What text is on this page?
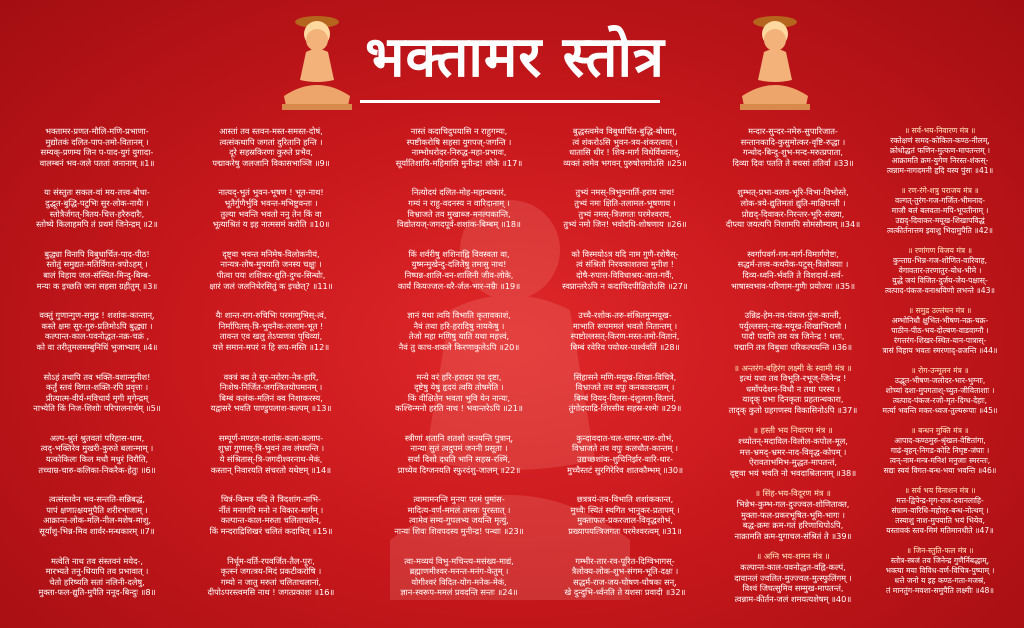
भक्तामर स्तोत्र
भक्तामर-प्रणत-मौलि-मणि-प्रभाणा-
मुद्योतकं दलित-पाप-तमो-वितानम् ।
सम्यक्-प्रणम्य जिन प-पाद-युगं युगादा-
वालम्बनं भव-जले पततां जनानाम् ॥1॥
यः संस्तुतः सकल-वां मय-तत्त्व-बोधा-
दुद्भूत-बुद्धि-पटुभिः सुर-लोक-नाथैः ।
स्तोत्रैर्जगत्-त्रितय-चित्त-हरैरुदारैः,
स्तोष्ये किलाहमपि तं प्रथमं जिनेन्द्रम् ॥2॥
बुद्ध्या विनापि विबुधार्चित-पाद-पीठ!
स्तोतुं समुद्यत-मतिर्विगत-त्रपोऽहम् ।
बालं विहाय जल-संस्थित-मिन्दु-बिम्ब-
मन्यः क इच्छति जनः सहसा ग्रहीतुम् ॥3॥
वक्तुं गुणान्गुण-समुद्र ! शशांक-कान्तान्,
कस्ते क्षमः सुर-गुरु-प्रतिमोऽपि बुद्ध्या ।
कल्पान्त-काल-पवनोद्धत-नक्र-चक्रं ,
को वा तरीतुमलमम्बुनिधिं भुजाभ्याम् ॥4॥
सोऽहं तथापि तव भक्ति-वशान्मुनीश!
कर्तुं स्तवं विगत-शक्ति-रपि प्रवृत्तः ।
प्रीत्यात्म-वीर्य-मविचार्य मृगी मृगेन्द्रम्
नाभ्येति किं निज-शिशोः परिपालनार्थम् ॥5॥
अल्प-श्रुतं श्रुतवतां परिहास-धाम,
त्वद्-भक्तिरेव मुखरी-कुरुते बलान्माम् ।
यत्कोकिलः किल मधौ मधुरं विरौति,
तच्चाम्र-चारु-कलिका-निकरैक-हेतुः ॥6॥
त्वत्संस्तवेन भव-सन्तति-सन्निबद्धं,
पापं क्षणात्क्षयमुपैति शरीरभाजाम् ।
आक्रान्त-लोक-मलि-नील-मशेष-माशु,
सूर्यांशु-भिन्न-मिव शार्वर-मन्धकारम् ॥7॥
मत्वेति नाथ तव संस्तवनं मयेद-,
मारभ्यते तनु-धियापि तव प्रभावात् ।
चेतो हरिष्यति सतां नलिनी-दलेषु,
मुक्ता-फल-द्युति-मुपैति ननूद-बिन्दुः ॥8॥
आस्तां तव स्तवन-मस्त-समस्त-दोषं,
त्वत्संकथापि जगतां दुरितानि हन्ति ।
दूरे सहस्रकिरणः कुरुते प्रभैव,
पद्माकरेषु जलजानि विकासभाञ्जि ॥9॥
नात्यद्-भुतं भुवन-भूषण ! भूत-नाथ!
भूतैर्गुणैर्भुवि भवन्त-मभिष्टुवन्तः ।
तुल्या भवन्ति भवतो ननु तेन किं वा
भूत्याश्रितं य इह नात्मसमं करोति ॥10॥
दृष्ट्वा भवन्त मनिमेष-विलोकनीयं,
नान्यत्र-तोष-मुपयाति जनस्य चक्षुः ।
पीत्वा पयः शशिकर-द्युति-दुग्ध-सिन्धोः,
क्षारं जलं जलनिधेरसितुं क इच्छेत्? ॥11॥
यैः शान्त-राग-रुचिभिः परमाणुभिस्-त्वं,
निर्मापितस्-त्रि-भुवनैक-ललाम-भूत !
तावन्त एव खलु तेऽप्यणवः पृथिव्यां,
यत्ते समान-मपरं न हि रूप-मस्ति ॥12॥
वक्त्रं क्व ते सुर-नरोरग-नेत्र-हारि,
निःशेष-निर्जित-जगत्त्रितयोपमानम् ।
बिम्बं कलंक-मलिनं क्व निशाकरस्य,
यद्वासरे भवति पाण्डुपलाश-कल्पम् ॥13॥
सम्पूर्ण-मण्डल-शशांक-कला-कलाप-
शुभ्रा गुणास्-त्रि-भुवनं तव लंघयन्ति ।
ये संश्रितास्-त्रि-जगदीश्वरनाथ-मेकं,
कस्तान् निवारयति संचरतो यथेष्टम् ॥14॥
चित्रं-किमत्र यदि ते त्रिदशांग-नाभि-
र्नीतं मनागपि मनो न विकार-मार्गम् ।
कल्पान्त-काल-मरुता चलिताचलेन,
किं मन्दराद्रिशिखरं चलितं कदाचित् ॥15॥
निर्धूम-वर्ति-रपवर्जित-तैल-पूरः,
कृत्स्नं जगत्त्रय-मिदं प्रकटीकरोषि ।
गम्यो न जातु मरुतां चलिताचलानां,
दीपोऽपरस्त्वमसि नाथ ! जगत्प्रकाशः ॥16॥
नास्तं कदाचिदुपयासि न राहुगम्यः,
स्पष्टीकरोषि सहसा युगपज्-जगन्ति ।
नाम्भोधरोदर-निरुद्ध-महा-प्रभावः,
सूर्यातिशायि-महिमासि मुनीन्द्र! लोके ॥17॥
नित्योदयं दलित-मोह-महान्धकारं,
गम्यं न राहु-वदनस्य न वारिदानाम् ।
विभ्राजते तव मुखाब्ज-मनल्पकान्ति,
विद्योतयज्-जगदपूर्व-शशांक-बिम्बम् ॥18॥
किं शर्वरीषु शशिनाह्नि विवस्वता वा,
युष्मन्मुखेन्दु-दलितेषु तमःसु नाथ!
निष्पन्न-शालि-वन-शालिनी जीव-लोके,
कार्यं कियज्जल-धरै-र्जल-भार-नम्रैः ॥19॥
ज्ञानं यथा त्वयि विभाति कृतावकाशं,
नैवं तथा हरि-हरादिषु नायकेषु ।
तेजो महा मणिषु याति यथा महत्त्वं,
नैवं तु काच-शकले किरणाकुलेऽपि ॥20॥
मन्ये वरं हरि-हरादय एव दृष्टा,
दृष्टेषु येषु हृदयं त्वयि तोषमेति ।
किं वीक्षितेन भवता भुवि येन नान्यः,
कश्चिन्मनो हरति नाथ ! भवान्तरेऽपि ॥21॥
स्त्रीणां शतानि शतशो जनयन्ति पुत्रान्,
नान्या सुतं त्वदुपमं जननी प्रसूता ।
सर्वा दिशो दधति भानि सहस्र-रश्मिं,
प्राच्येव दिग्जनयति स्फुरदंशु-जालम् ॥22॥
त्वामामनन्ति मुनयः परमं पुमांस-
मादित्य-वर्ण-ममलं तमसः पुरस्तात् ।
त्वामेव सम्य-गुपलभ्य जयन्ति मृत्युं,
नान्यः शिवः शिवपदस्य मुनीन्द्र! पन्थाः ॥23॥
त्वा-मव्ययं विभु-मचिन्त्य-मसंख्य-माद्यं,
ब्रह्माणमीश्वर-मनन्त-मनंग-केतुम् ।
योगीश्वरं विदित-योग-मनेक-मेकं,
ज्ञान-स्वरूप-ममलं प्रवदन्ति सन्तः ॥24॥
बुद्धस्त्वमेव विबुधार्चित-बुद्धि-बोधात्,
त्वं शंकरोऽसि भुवन-त्रय-शंकरत्वात् ।
धातासि धीर ! शिव-मार्ग विधेर्विधानाद्,
व्यक्तं त्वमेव भगवन् पुरुषोत्तमोऽसि ॥25॥
तुभ्यं नमस्-त्रिभुवनार्ति-हराय नाथ!
तुभ्यं नमः क्षिति-तलामल-भूषणाय ।
तुभ्यं नमस्-त्रिजगतः परमेश्वराय,
तुभ्यं नमो जिन! भवोदधि-शोषणाय ॥26॥
को विस्मयोऽत्र यदि नाम गुणै-रशेषैस्-
त्वं संश्रितो निरवकाशतया मुनीश !
दोषै-रुपात्त-विविधाश्रय-जात-गर्वैः,
स्वप्नान्तरेऽपि न कदाचिदपीक्षितोऽसि ॥27॥
उच्चै-रशोक-तरु-संश्रितमुन्मयूख-
माभाति रूपममलं भवतो नितान्तम् ।
स्पष्टोल्लसत्-किरण-मस्त-तमो-वितानं,
बिम्बं रवेरिव पयोधर-पार्श्ववर्ति ॥28॥
सिंहासने मणि-मयूख-शिखा-विचित्रे,
विभ्राजते तव वपुः कनकावदातम् ।
बिम्बं वियद्-विलस-दंशुलता-वितानं,
तुंगोदयाद्रि-शिरसीव सहस्र-रश्मेः ॥29॥
कुन्दावदात-चल-चामर-चारु-शोभं,
विभ्राजते तव वपुः कलधौत-कान्तम् ।
उद्यच्छशांक-शुचिनिर्झर-वारि-धार-
मुच्चैस्तटं सुरगिरेरिव शातकौम्भम् ॥30॥
छत्रत्रयं-तव-विभाति शशांककान्त,
मुच्चैः स्थितं स्थगित भानुकर-प्रतापम् ।
मुक्ताफल-प्रकरजाल-विवृद्धशोभं,
प्रख्यापयत्त्रिजगतः परमेश्वरत्वम् ॥31॥
गम्भीर-तार-रव-पूरित-दिग्विभागस्-
त्रैलोक्य-लोक-शुभ-संगम-भूति-दक्षः ।
सद्धर्म-राज-जय-घोषण-घोषकः सन्,
खे दुन्दुभि-र्ध्वनति ते यशसः प्रवादी ॥32॥
मन्दार-सुन्दर-नमेरु-सुपारिजात-
सन्तानकादि-कुसुमोत्कर-वृष्टि-रुद्धा ।
गन्धोद-बिन्दु-शुभ-मन्द-मरुत्प्रपाता,
दिव्या दिवः पतति ते वचसां ततिर्वा ॥33॥
शुम्भत्-प्रभा-वलय-भूरि-विभा-विभोस्ते,
लोक-त्रये-द्युतिमतां द्युति-माक्षिपन्ती ।
प्रोद्यद्-दिवाकर-निरन्तर-भूरि-संख्या,
दीप्त्या जयत्यपि निशामपि सोमसौम्याम् ॥34॥
स्वर्गापवर्ग-गम-मार्ग-विमार्गणेष्टः,
सद्धर्म-तत्त्व-कथनैक-पटुस्-त्रिलोक्याः ।
दिव्य-ध्वनि-र्भवति ते विशदार्थ-सर्व-
भाषास्वभाव-परिणाम-गुणैः प्रयोज्यः ॥35॥
उन्निद्र-हेम-नव-पंकज-पुंज-कान्ती,
पर्युल्लसन्-नख-मयूख-शिखाभिरामौ ।
पादौ पदानि तव यत्र जिनेन्द्र ! धत्तः,
पद्मानि तत्र विबुधाः परिकल्पयन्ति ॥36॥
॥ अन्तरंग-बहिरंग लक्ष्मी के स्वामी मंत्र ॥
इत्थं यथा तव विभूति-रभूज्-जिनेन्द्र !
धर्मोपदेशन-विधौ न तथा परस्य ।
यादृक् प्रभा दिनकृतः प्रहतान्धकारा,
तादृक् कुतो ग्रहगणस्य विकासिनोऽपि ॥37॥
॥ हस्ती भय निवारण मंत्र ॥
श्च्योतन्-मदाविल-विलोल-कपोल-मूल,
मत्त-भ्रमद्-भ्रमर-नाद-विवृद्ध-कोपम् ।
ऐरावताभमिभ-मुद्धत-मापतन्तं,
दृष्ट्वा भयं भवति नो भवदाश्रितानाम् ॥38॥
॥ सिंह-भय-विदूरण मंत्र ॥
भिन्नेभ-कुम्भ-गल-दुज्ज्वल-शोणिताक्त,
मुक्ता-फल-प्रकरभूषित-भूमि-भागः ।
बद्ध-क्रमः क्रम-गतं हरिणाधिपोऽपि,
नाक्रामति क्रम-युगाचल-संश्रितं ते ॥39॥
॥ अग्नि भय-शमन मंत्र ॥
कल्पान्त-काल-पवनोद्धत-वह्नि-कल्पं,
दावानलं ज्वलित-मुज्ज्वल-मुत्स्फुलिंगम् ।
विश्वं जिघत्सुमिव सम्मुख-मापतन्तं,
त्वन्नाम-कीर्तन-जलं शमयत्यशेषम् ॥40॥
॥ सर्व-भय-निवारण मंत्र ॥
रक्तेक्षणं समद-कोकिल-कण्ठ-नीलम्,
क्रोधोद्धतं फणिन-मुत्फण-मापतन्तम् ।
आक्रामति क्रम-युगेण निरस्त-शंकस्-
त्वन्नाम-नागदमनी हृदि यस्य पुंसः ॥41॥
॥ रण-रंगे-शत्रु पराजय मंत्र ॥
वल्गत्-तुरंग-गज-गर्जित-भीमनाद-
माजौ बलं बलवता-मपि-भूपतीनाम् ।
उद्यद्-दिवाकर-मयूख-शिखापविद्धं
त्वत्कीर्तनात्तम इवाशु भिदामुपैति ॥42॥
॥ रणांगण विजय मंत्र ॥
कुन्ताग्र-भिन्न-गज-शोणित-वारिवाह,
वेगावतार-तरणातुर-योध-भीमे ।
युद्धे जयं विजित-दुर्जय-जेय-पक्षास्-
त्वत्पाद-पंकज-वनाश्रयिणो लभन्ते ॥43॥
॥ समुद्र उल्लंघन मंत्र ॥
अम्भोनिधौ क्षुभित-भीषण-नक्र-चक्र-
पाठीन-पीठ-भय-दोल्बण-वाडवाग्नौ ।
रंगत्तरंग-शिखर-स्थित-यान-पात्रास्-
त्रासं विहाय भवतः स्मरणाद्-व्रजन्ति ॥44॥
॥ रोग-उन्मूलन मंत्र ॥
उद्भूत-भीषण-जलोदर-भार-भुग्नाः,
शोच्यां दशा-मुपगताश्-च्युत-जीविताशाः ।
त्वत्पाद-पंकज-रजो-मृत-दिग्ध-देहाः,
मर्त्या भवन्ति मकर-ध्वज-तुल्यरूपाः ॥45॥
॥ बन्धन मुक्ति मंत्र ॥
आपाद-कण्ठमुरु-श्रृंखल-वेष्टितांगा,
गाढं-बृहन्-निगड-कोटि निघृष्ट-जंघाः ।
त्वन्-नाम-मन्त्र-मनिशं मनुजाः स्मरन्तः,
सद्यः स्वयं विगत-बन्ध-भया भवन्ति ॥46॥
॥ सर्व भय विनाशन मंत्र ॥
मत्त-द्विपेन्द्र-मृग-राज-दवानलाहि-
संग्राम-वारिधि-महोदर-बन्ध-नोत्थम् ।
तस्याशु नाश-मुपयाति भयं भियेव,
यस्तावकं स्तव-मिमं मतिमानधीते ॥47॥
॥ जिन-स्तुति-फल मंत्र ॥
स्तोत्र-स्त्रजं तव जिनेन्द्र गुणैर्निबद्धाम्,
भक्त्या मया विविध-वर्ण-विचित्र-पुष्पाम् ।
धत्ते जनो य इह कण्ठ-गता-मजस्रं,
तं मानतुंग-मवशा-समुपैति लक्ष्मीः ॥48॥
